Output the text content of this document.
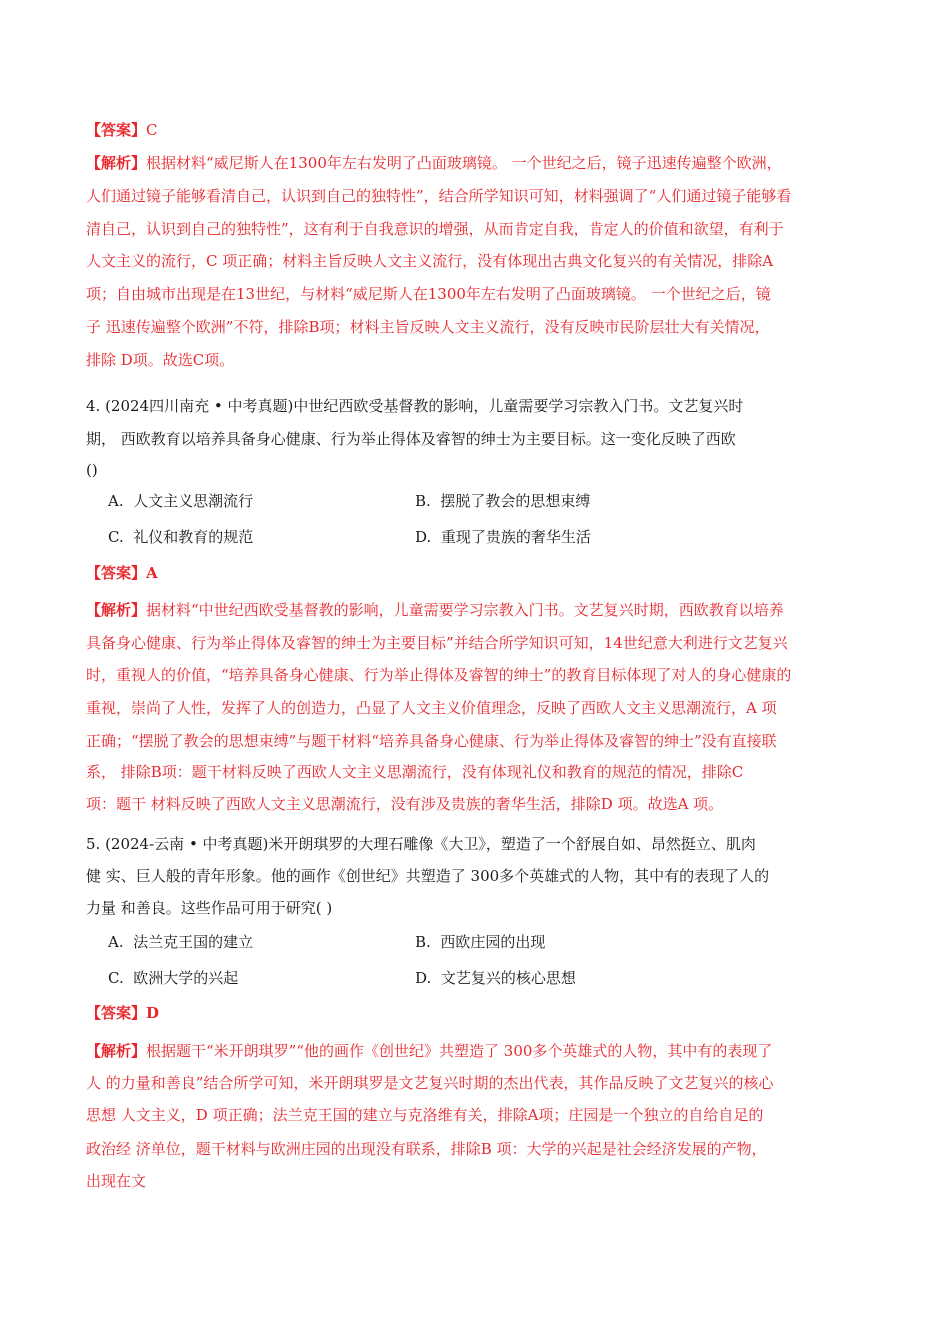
【答案】C
【解析】根据材料“威尼斯人在1300年左右发明了凸面玻璃镜。 一个世纪之后，镜子迅速传遍整个欧洲，
人们通过镜子能够看清自己，认识到自己的独特性”，结合所学知识可知，材料强调了“人们通过镜子能够看
清自己，认识到自己的独特性”，这有利于自我意识的增强，从而肯定自我，肯定人的价值和欲望，有利于
人文主义的流行，C 项正确；材料主旨反映人文主义流行，没有体现出古典文化复兴的有关情况，排除A
项；自由城市出现是在13世纪，与材料“威尼斯人在1300年左右发明了凸面玻璃镜。 一个世纪之后，镜
子 迅速传遍整个欧洲”不符，排除B项；材料主旨反映人文主义流行，没有反映市民阶层壮大有关情况，
排除 D项。故选C项。
4. (2024四川南充 • 中考真题)中世纪西欧受基督教的影响，儿童需要学习宗教入门书。文艺复兴时
期， 西欧教育以培养具备身心健康、行为举止得体及睿智的绅士为主要目标。这一变化反映了西欧
()
A. 人文主义思潮流行	B. 摆脱了教会的思想束缚
C. 礼仪和教育的规范	D. 重现了贵族的奢华生活
【答案】A
【解析】据材料“中世纪西欧受基督教的影响，儿童需要学习宗教入门书。文艺复兴时期，西欧教育以培养
具备身心健康、行为举止得体及睿智的绅士为主要目标”并结合所学知识可知，14世纪意大利进行文艺复兴
时，重视人的价值，“培养具备身心健康、行为举止得体及睿智的绅士”的教育目标体现了对人的身心健康的
重视，崇尚了人性，发挥了人的创造力，凸显了人文主义价值理念，反映了西欧人文主义思潮流行，A 项
正确；“摆脱了教会的思想束缚”与题干材料“培养具备身心健康、行为举止得体及睿智的绅士”没有直接联
系， 排除B项：题干材料反映了西欧人文主义思潮流行，没有体现礼仪和教育的规范的情况，排除C
项：题干 材料反映了西欧人文主义思潮流行，没有涉及贵族的奢华生活，排除D 项。故选A 项。
5. (2024-云南 • 中考真题)米开朗琪罗的大理石雕像《大卫》，塑造了一个舒展自如、昂然挺立、肌肉
健 实、巨人般的青年形象。他的画作《创世纪》共塑造了 300多个英雄式的人物，其中有的表现了人的
力量 和善良。这些作品可用于研究( )
A. 法兰克王国的建立	B. 西欧庄园的出现
C. 欧洲大学的兴起	D. 文艺复兴的核心思想
【答案】D
【解析】根据题干“米开朗琪罗”“他的画作《创世纪》共塑造了 300多个英雄式的人物，其中有的表现了
人 的力量和善良”结合所学可知，米开朗琪罗是文艺复兴时期的杰出代表，其作品反映了文艺复兴的核心
思想 人文主义，D 项正确；法兰克王国的建立与克洛维有关，排除A项；庄园是一个独立的自给自足的
政治经 济单位，题干材料与欧洲庄园的出现没有联系，排除B 项：大学的兴起是社会经济发展的产物，
出现在文
